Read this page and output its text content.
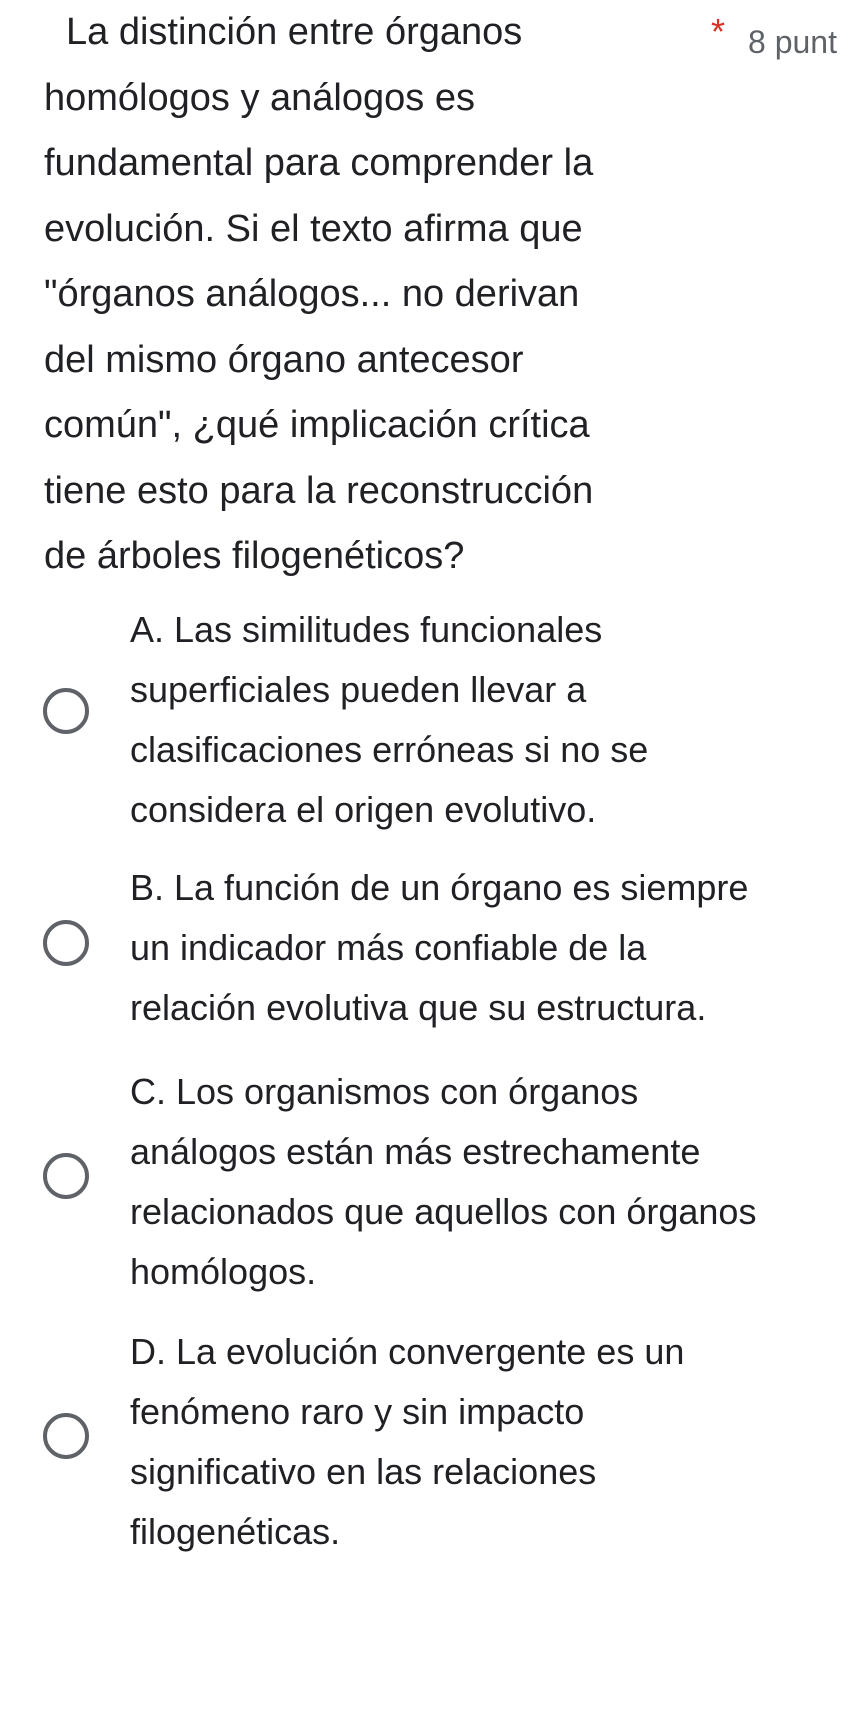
La distinción entre órganos
homólogos y análogos es
fundamental para comprender la
evolución. Si el texto afirma que
"órganos análogos... no derivan
del mismo órgano antecesor
común", ¿qué implicación crítica
tiene esto para la reconstrucción
de árboles filogenéticos?
* 8 punt
A. Las similitudes funcionales
superficiales pueden llevar a
clasificaciones erróneas si no se
considera el origen evolutivo.
B. La función de un órgano es siempre
un indicador más confiable de la
relación evolutiva que su estructura.
C. Los organismos con órganos
análogos están más estrechamente
relacionados que aquellos con órganos
homólogos.
D. La evolución convergente es un
fenómeno raro y sin impacto
significativo en las relaciones
filogenéticas.
